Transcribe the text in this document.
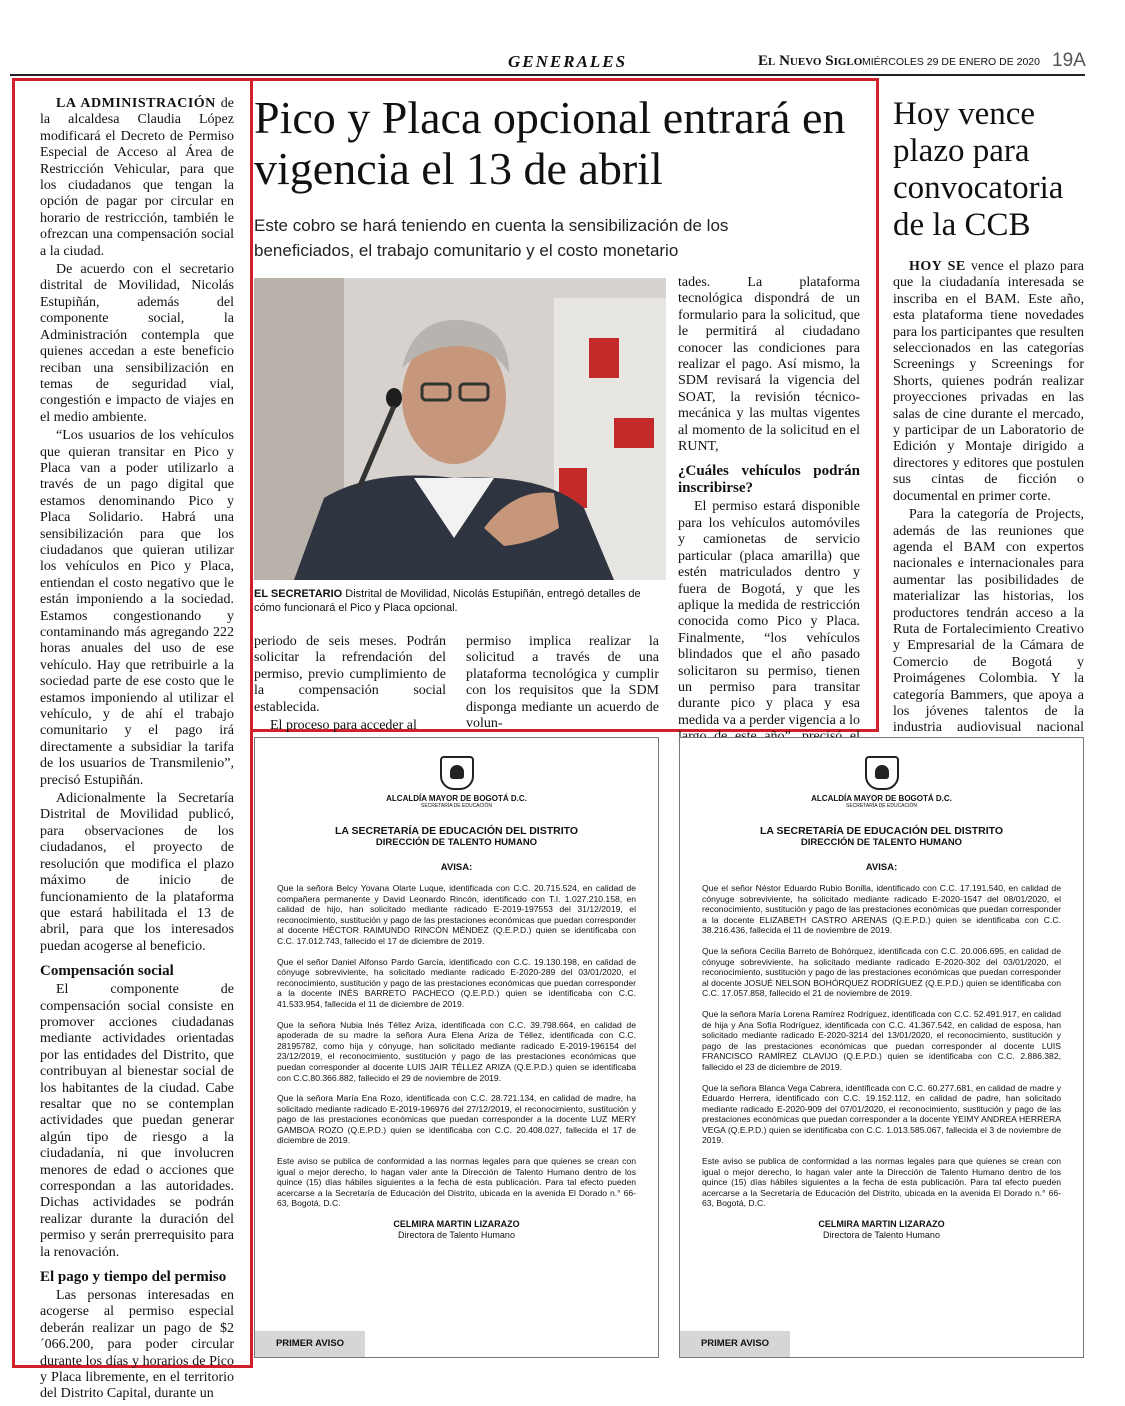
GENERALES	El Nuevo Siglo MIÉRCOLES 29 DE ENERO DE 2020 19A

LA ADMINISTRACIÓN de la alcaldesa Claudia López modificará el Decreto de Permiso Especial de Acceso al Área de Restricción Vehicular, para que los ciudadanos que tengan la opción de pagar por circular en horario de restricción, también le ofrezcan una compensación social a la ciudad.

De acuerdo con el secretario distrital de Movilidad, Nicolás Estupiñán, además del componente social, la Administración contempla que quienes accedan a este beneficio reciban una sensibilización en temas de seguridad vial, congestión e impacto de viajes en el medio ambiente.

“Los usuarios de los vehículos que quieran transitar en Pico y Placa van a poder utilizarlo a través de un pago digital que estamos denominando Pico y Placa Solidario. Habrá una sensibilización para que los ciudadanos que quieran utilizar los vehículos en Pico y Placa, entiendan el costo negativo que le están imponiendo a la sociedad. Estamos congestionando y contaminando más agregando 222 horas anuales del uso de ese vehículo. Hay que retribuirle a la sociedad parte de ese costo que le estamos imponiendo al utilizar el vehículo, y de ahí el trabajo comunitario y el pago irá directamente a subsidiar la tarifa de los usuarios de Transmilenio”, precisó Estupiñán.

Adicionalmente la Secretaría Distrital de Movilidad publicó, para observaciones de los ciudadanos, el proyecto de resolución que modifica el plazo máximo de inicio de funcionamiento de la plataforma que estará habilitada el 13 de abril, para que los interesados puedan acogerse al beneficio.

Compensación social

El componente de compensación social consiste en promover acciones ciudadanas mediante actividades orientadas por las entidades del Distrito, que contribuyan al bienestar social de los habitantes de la ciudad. Cabe resaltar que no se contemplan actividades que puedan generar algún tipo de riesgo a la ciudadanía, ni que involucren menores de edad o acciones que correspondan a las autoridades. Dichas actividades se podrán realizar durante la duración del permiso y serán prerrequisito para la renovación.

El pago y tiempo del permiso

Las personas interesadas en acogerse al permiso especial deberán realizar un pago de $2´066.200, para poder circular durante los días y horarios de Pico y Placa libremente, en el territorio del Distrito Capital, durante un

Pico y Placa opcional entrará en vigencia el 13 de abril
Este cobro se hará teniendo en cuenta la sensibilización de los beneficiados, el trabajo comunitario y el costo monetario
EL SECRETARIO Distrital de Movilidad, Nicolás Estupiñán, entregó detalles de cómo funcionará el Pico y Placa opcional.

periodo de seis meses. Podrán solicitar la refrendación del permiso, previo cumplimiento de la compensación social establecida.

El proceso para acceder al

permiso implica realizar la solicitud a través de una plataforma tecnológica y cumplir con los requisitos que la SDM disponga mediante un acuerdo de volun-

tades. La plataforma tecnológica dispondrá de un formulario para la solicitud, que le permitirá al ciudadano conocer las condiciones para realizar el pago. Así mismo, la SDM revisará la vigencia del SOAT, la revisión técnico-mecánica y las multas vigentes al momento de la solicitud en el RUNT,

¿Cuáles vehículos podrán inscribirse?

El permiso estará disponible para los vehículos automóviles y camionetas de servicio particular (placa amarilla) que estén matriculados dentro y fuera de Bogotá, y que les aplique la medida de restricción conocida como Pico y Placa. Finalmente, “los vehículos blindados que el año pasado solicitaron su permiso, tienen un permiso para transitar durante pico y placa y esa medida va a perder vigencia a lo

Hoy vence plazo para convocatoria de la CCB

HOY SE vence el plazo para que la ciudadanía interesada se inscriba en el BAM. Este año, esta plataforma tiene novedades para los participantes que resulten seleccionados en las categorías Screenings y Screenings for Shorts, quienes podrán realizar proyecciones privadas en las salas de cine durante el mercado, y participar de un Laboratorio de Edición y Montaje dirigido a directores y editores que postulen sus cintas de ficción o documental en primer corte.

Para la categoría de Projects, además de las reuniones que agenda el BAM con expertos nacionales e internacionales para aumentar las posibilidades de materializar las historias, los productores tendrán acceso a la Ruta de Fortalecimiento Creativo y Empresarial de la Cámara de Comercio de Bogotá y Proimágenes Colombia. Y la categoría Bammers, que apoya a los jóvenes talentos de la industria audiovisual nacional

ALCALDÍA MAYOR DE BOGOTÁ D.C.
SECRETARÍA DE EDUCACIÓN
LA SECRETARÍA DE EDUCACIÓN DEL DISTRITO
DIRECCIÓN DE TALENTO HUMANO
AVISA:
Que la señora Belcy Yovana Olarte Luque, identificada con C.C. 20.715.524, en calidad de compañera permanente y David Leonardo Rincón, identificado con T.I. 1.027.210.158, en calidad de hijo, han solicitado mediante radicado E-2019-197553 del 31/12/2019, el reconocimiento, sustitución y pago de las prestaciones económicas que puedan corresponder al docente HÉCTOR RAIMUNDO RINCÓN MÉNDEZ (Q.E.P.D.) quien se identificaba con C.C. 17.012.743, fallecido el 17 de diciembre de 2019.
Que el señor Daniel Alfonso Pardo García, identificado con C.C. 19.130.198, en calidad de cónyuge sobreviviente, ha solicitado mediante radicado E-2020-289 del 03/01/2020, el reconocimiento, sustitución y pago de las prestaciones económicas que puedan corresponder a la docente INÉS BARRETO PACHECO (Q.E.P.D.) quien se identificaba con C.C. 41.533.954, fallecida el 11 de diciembre de 2019.
Que la señora Nubia Inés Téllez Ariza, identificada con C.C. 39.798.664, en calidad de apoderada de su madre la señora Aura Elena Ariza de Téllez, identificada con C.C. 28195782, como hija y cónyuge, han solicitado mediante radicado E-2019-196154 del 23/12/2019, el reconocimiento, sustitución y pago de las prestaciones económicas que puedan corresponder al docente LUIS JAIR TÉLLEZ ARIZA (Q.E.P.D.) quien se identificaba con C.C.80.366.882, fallecido el 29 de noviembre de 2019.
Que la señora María Ena Rozo, identificada con C.C. 28.721.134, en calidad de madre, ha solicitado mediante radicado E-2019-196976 del 27/12/2019, el reconocimiento, sustitución y pago de las prestaciones económicas que puedan corresponder a la docente LUZ MERY GAMBOA ROZO (Q.E.P.D.) quien se identificaba con C.C. 20.408.027, fallecida el 17 de diciembre de 2019.
Este aviso se publica de conformidad a las normas legales para que quienes se crean con igual o mejor derecho, lo hagan valer ante la Dirección de Talento Humano dentro de los quince (15) días hábiles siguientes a la fecha de esta publicación. Para tal efecto pueden acercarse a la Secretaría de Educación del Distrito, ubicada en la avenida El Dorado n.° 66-63, Bogotá, D.C.
CELMIRA MARTIN LIZARAZO
Directora de Talento Humano
PRIMER AVISO
ALCALDÍA MAYOR DE BOGOTÁ D.C.
SECRETARÍA DE EDUCACIÓN
LA SECRETARÍA DE EDUCACIÓN DEL DISTRITO
DIRECCIÓN DE TALENTO HUMANO
AVISA:
Que el señor Néstor Eduardo Rubio Bonilla, identificado con C.C. 17.191.540, en calidad de cónyuge sobreviviente, ha solicitado mediante radicado E-2020-1547 del 08/01/2020, el reconocimiento, sustitución y pago de las prestaciones económicas que puedan corresponder a la docente ELIZABETH CASTRO ARENAS (Q.E.P.D.) quien se identificaba con C.C. 38.216.436, fallecida el 11 de noviembre de 2019.
Que la señora Cecilia Barreto de Bohórquez, identificada con C.C. 20.006.695, en calidad de cónyuge sobreviviente, ha solicitado mediante radicado E-2020-302 del 03/01/2020, el reconocimiento, sustitución y pago de las prestaciones económicas que puedan corresponder al docente JOSUÉ NELSON BOHÓRQUEZ RODRÍGUEZ (Q.E.P.D.) quien se identificaba con C.C. 17.057.858, fallecido el 21 de noviembre de 2019.
Que la señora María Lorena Ramírez Rodríguez, identificada con C.C. 52.491.917, en calidad de hija y Ana Sofía Rodríguez, identificada con C.C. 41.367.542, en calidad de esposa, han solicitado mediante radicado E-2020-3214 del 13/01/2020, el reconocimiento, sustitución y pago de las prestaciones económicas que puedan corresponder al docente LUIS FRANCISCO RAMÍREZ CLAVIJO (Q.E.P.D.) quien se identificaba con C.C. 2.886.382, fallecido el 23 de diciembre de 2019.
Que la señora Blanca Vega Cabrera, identificada con C.C. 60.277.681, en calidad de madre y Eduardo Herrera, identificado con C.C. 19.152.112, en calidad de padre, han solicitado mediante radicado E-2020-909 del 07/01/2020, el reconocimiento, sustitución y pago de las prestaciones económicas que puedan corresponder a la docente YEIMY ANDREA HERRERA VEGA (Q.E.P.D.) quien se identificaba con C.C. 1.013.585.067, fallecida el 3 de noviembre de 2019.
Este aviso se publica de conformidad a las normas legales para que quienes se crean con igual o mejor derecho, lo hagan valer ante la Dirección de Talento Humano dentro de los quince (15) días hábiles siguientes a la fecha de esta publicación. Para tal efecto pueden acercarse a la Secretaría de Educación del Distrito, ubicada en la avenida El Dorado n.° 66-63, Bogotá, D.C.
CELMIRA MARTIN LIZARAZO
Directora de Talento Humano
PRIMER AVISO
